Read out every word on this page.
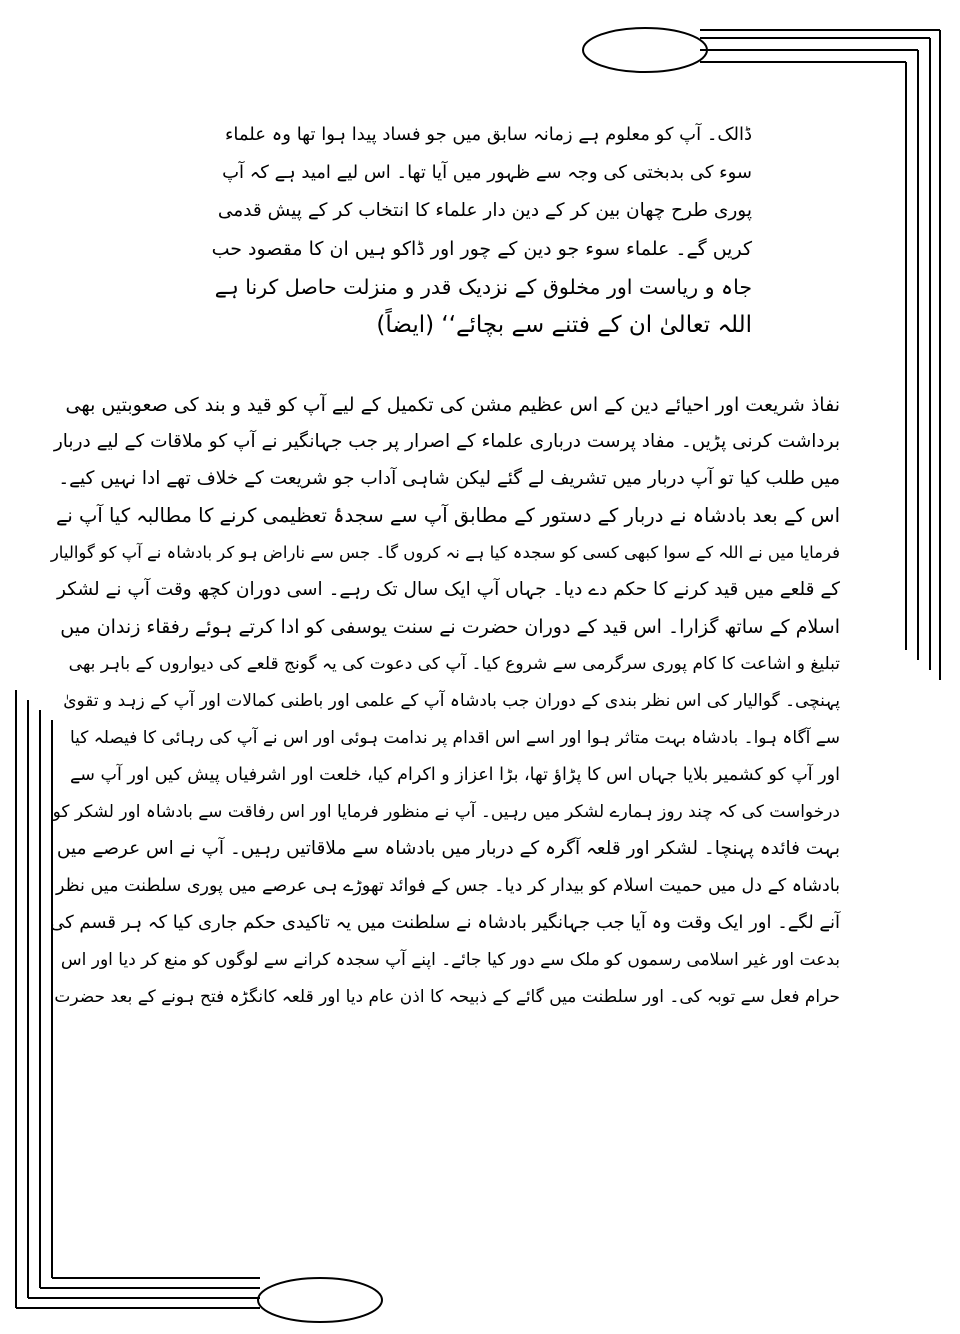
ڈالک۔ آپ کو معلوم ہے زمانہ سابق میں جو فساد پیدا ہوا تھا وہ علماء
سوء کی بدبختی کی وجہ سے ظہور میں آیا تھا۔ اس لیے امید ہے کہ آپ
پوری طرح چھان بین کر کے دین دار علماء کا انتخاب کر کے پیش قدمی
کریں گے۔ علماء سوء جو دین کے چور اور ڈاکو ہیں ان کا مقصود حب
جاہ و ریاست اور مخلوق کے نزدیک قدر و منزلت حاصل کرنا ہے
اللہ تعالیٰ ان کے فتنے سے بچائے‘‘ (ایضاً)
نفاذ شریعت اور احیائے دین کے اس عظیم مشن کی تکمیل کے لیے آپ کو قید و بند کی صعوبتیں بھی
برداشت کرنی پڑیں۔ مفاد پرست درباری علماء کے اصرار پر جب جہانگیر نے آپ کو ملاقات کے لیے دربار
میں طلب کیا تو آپ دربار میں تشریف لے گئے لیکن شاہی آداب جو شریعت کے خلاف تھے ادا نہیں کیے۔
اس کے بعد بادشاہ نے دربار کے دستور کے مطابق آپ سے سجدۂ تعظیمی کرنے کا مطالبہ کیا آپ نے
فرمایا میں نے اللہ کے سوا کبھی کسی کو سجدہ کیا ہے نہ کروں گا۔ جس سے ناراض ہو کر بادشاہ نے آپ کو گوالیار
کے قلعے میں قید کرنے کا حکم دے دیا۔ جہاں آپ ایک سال تک رہے۔ اسی دوران کچھ وقت آپ نے لشکر
اسلام کے ساتھ گزارا۔ اس قید کے دوران حضرت نے سنت یوسفی کو ادا کرتے ہوئے رفقاء زندان میں
تبلیغ و اشاعت کا کام پوری سرگرمی سے شروع کیا۔ آپ کی دعوت کی یہ گونج قلعے کی دیواروں کے باہر بھی
پہنچی۔ گوالیار کی اس نظر بندی کے دوران جب بادشاہ آپ کے علمی اور باطنی کمالات اور آپ کے زہد و تقویٰ
سے آگاہ ہوا۔ بادشاہ بہت متاثر ہوا اور اسے اس اقدام پر ندامت ہوئی اور اس نے آپ کی رہائی کا فیصلہ کیا
اور آپ کو کشمیر بلایا جہاں اس کا پڑاؤ تھا، بڑا اعزاز و اکرام کیا، خلعت اور اشرفیاں پیش کیں اور آپ سے
درخواست کی کہ چند روز ہمارے لشکر میں رہیں۔ آپ نے منظور فرمایا اور اس رفاقت سے بادشاہ اور لشکر کو
بہت فائدہ پہنچا۔ لشکر اور قلعہ آگرہ کے دربار میں بادشاہ سے ملاقاتیں رہیں۔ آپ نے اس عرصے میں
بادشاہ کے دل میں حمیت اسلام کو بیدار کر دیا۔ جس کے فوائد تھوڑے ہی عرصے میں پوری سلطنت میں نظر
آنے لگے۔ اور ایک وقت وہ آیا جب جہانگیر بادشاہ نے سلطنت میں یہ تاکیدی حکم جاری کیا کہ ہر قسم کی
بدعت اور غیر اسلامی رسموں کو ملک سے دور کیا جائے۔ اپنے آپ سجدہ کرانے سے لوگوں کو منع کر دیا اور اس
حرام فعل سے توبہ کی۔ اور سلطنت میں گائے کے ذبیحہ کا اذن عام دیا اور قلعہ کانگڑہ فتح ہونے کے بعد حضرت
